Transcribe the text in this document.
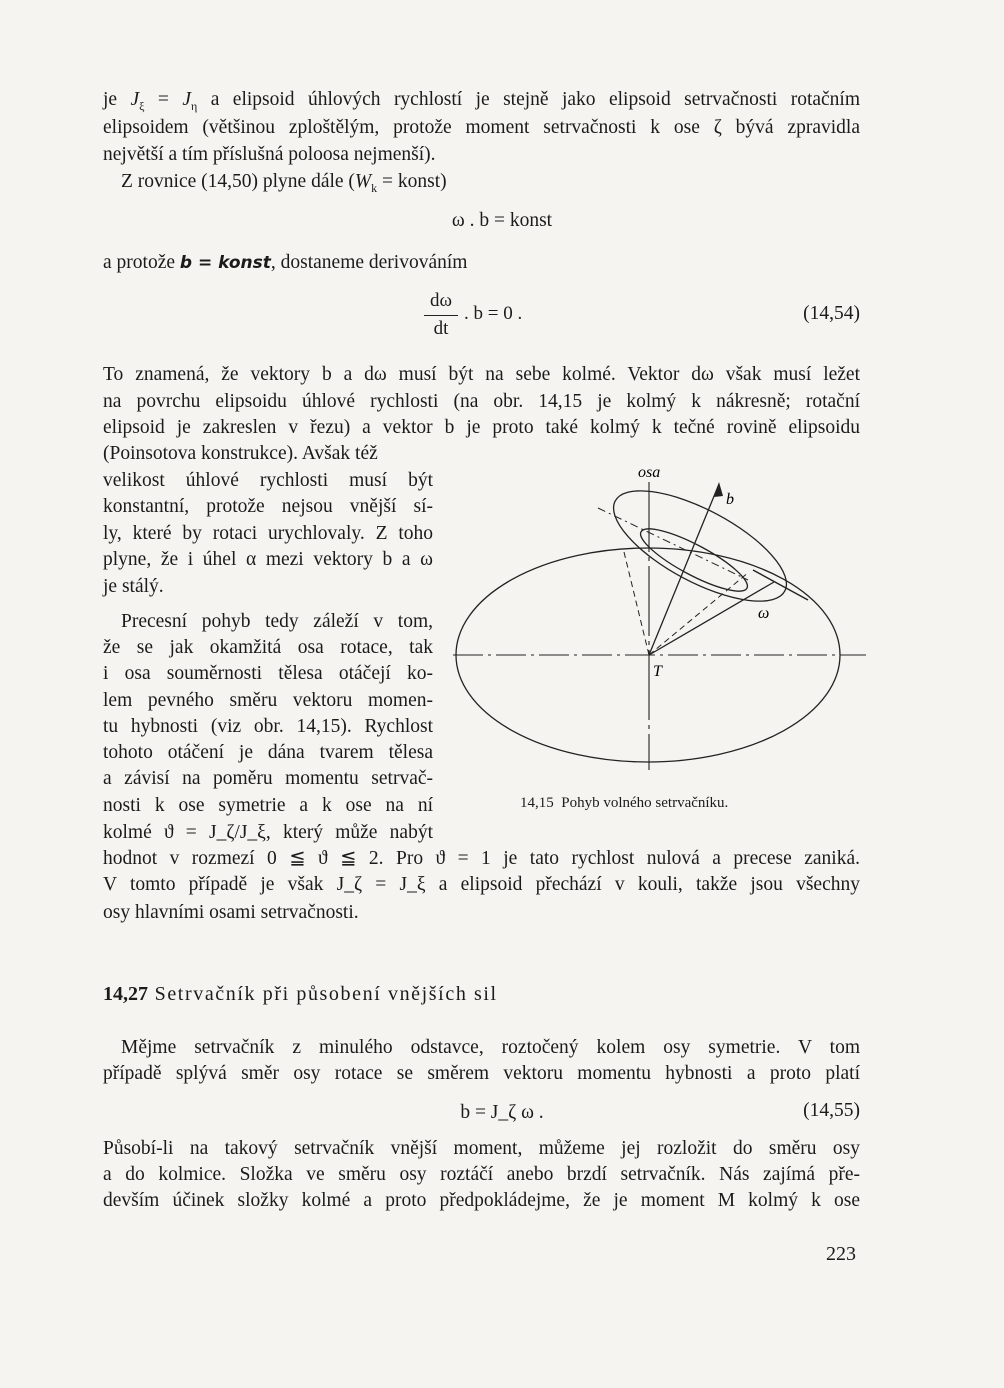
je $J_\xi = J_\eta$ a elipsoid úhlových rychlostí je stejně jako elipsoid setrvačnosti rotačním
elipsoidem (většinou zploštělým, protože moment setrvačnosti k ose ζ bývá zpravidla
největší a tím příslušná poloosa nejmenší).
Z rovnice (14,50) plyne dále ($W_k$ = konst)
ω . b = konst
a protože b = konst, dostaneme derivováním
dω
dt
. b = 0 .	(14,54)
To znamená, že vektory b a dω musí být na sebe kolmé. Vektor dω však musí ležet
na povrchu elipsoidu úhlové rychlosti (na obr. 14,15 je kolmý k nákresně; rotační
elipsoid je zakreslen v řezu) a vektor b je proto také kolmý k tečné rovině elipsoidu
(Poinsotova konstrukce). Avšak též
velikost úhlové rychlosti musí být
konstantní, protože nejsou vnější sí-
ly, které by rotaci urychlovaly. Z toho
plyne, že i úhel α mezi vektory b a ω
je stálý.
Precesní pohyb tedy záleží v tom,
že se jak okamžitá osa rotace, tak
i osa souměrnosti tělesa otáčejí ko-
lem pevného směru vektoru momen-
tu hybnosti (viz obr. 14,15). Rychlost
tohoto otáčení je dána tvarem tělesa
a závisí na poměru momentu setrvač-
nosti k ose symetrie a k ose na ní
kolmé ϑ = J_ζ/J_ξ, který může nabýt
hodnot v rozmezí 0 ≦ ϑ ≦ 2. Pro ϑ = 1 je tato rychlost nulová a precese zaniká.
V tomto případě je však J_ζ = J_ξ a elipsoid přechází v kouli, takže jsou všechny
osy hlavními osami setrvačnosti.
osa
b
ω
T
14,15 Pohyb volného setrvačníku.
14,27 Setrvačník při působení vnějších sil
Mějme setrvačník z minulého odstavce, roztočený kolem osy symetrie. V tom
případě splývá směr osy rotace se směrem vektoru momentu hybnosti a proto platí
b = J_ζ ω .	(14,55)
Působí-li na takový setrvačník vnější moment, můžeme jej rozložit do směru osy
a do kolmice. Složka ve směru osy roztáčí anebo brzdí setrvačník. Nás zajímá pře-
devším účinek složky kolmé a proto předpokládejme, že je moment M kolmý k ose
223
